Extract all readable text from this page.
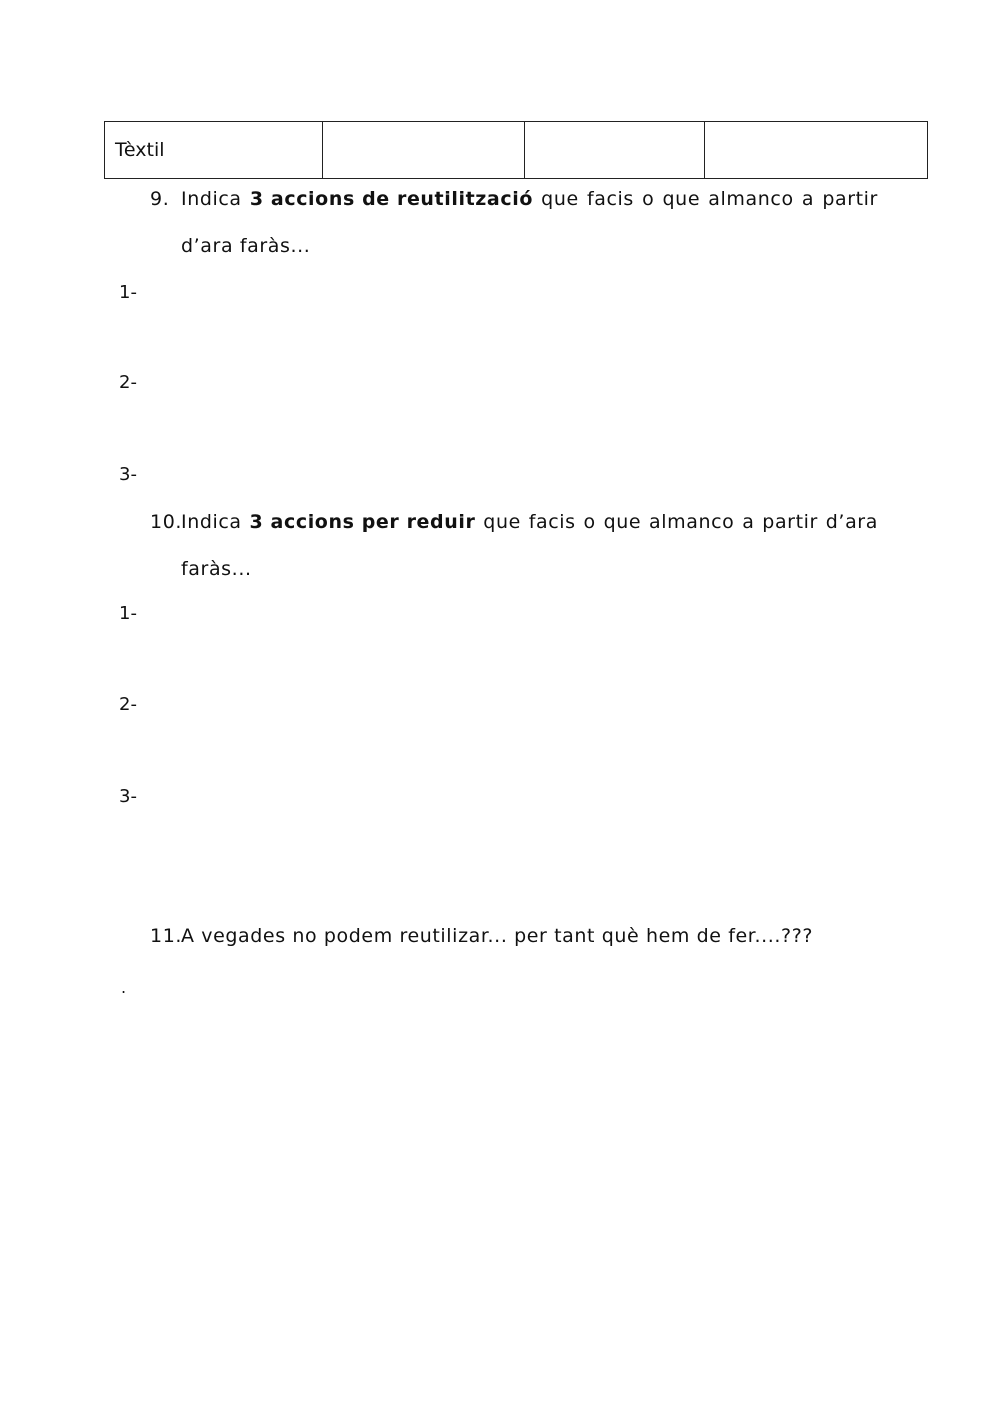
Tèxtil
9. Indica 3 accions de reutilització que facis o que almanco a partir
d’ara faràs...
1-
2-
3-
10.
Indica 3 accions per reduir que facis o que almanco a partir d’ara
faràs...
1-
2-
3-
11.
A vegades no podem reutilizar... per tant què hem de fer....???
.
